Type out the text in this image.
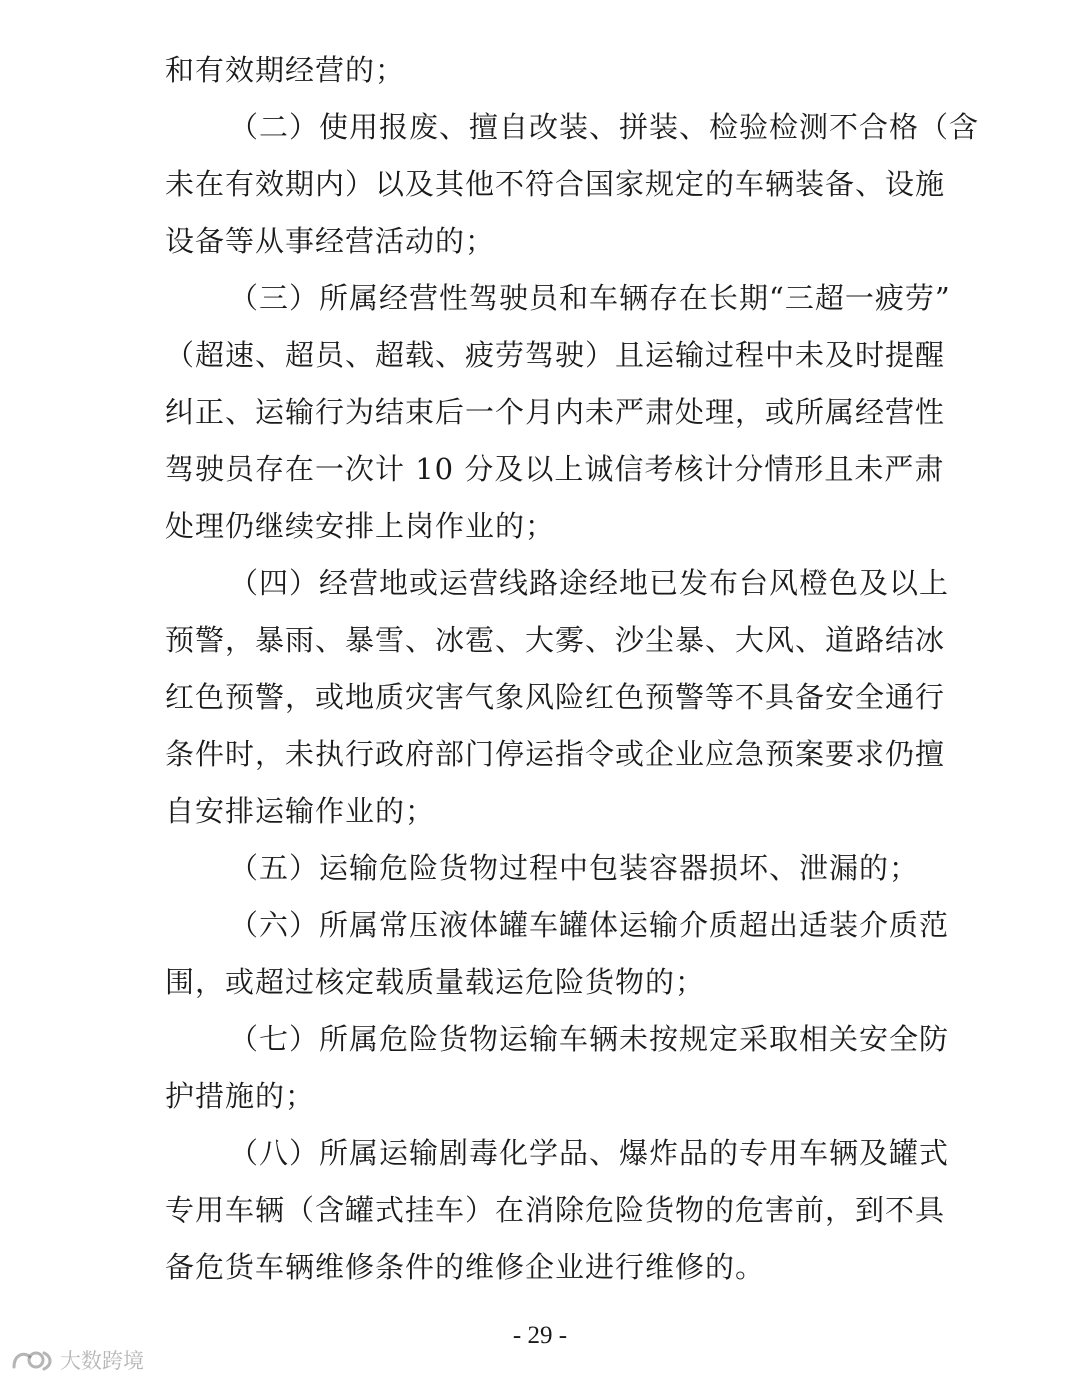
和有效期经营的；
（二）使用报废、擅自改装、拼装、检验检测不合格（含
未在有效期内）以及其他不符合国家规定的车辆装备、设施
设备等从事经营活动的；
（三）所属经营性驾驶员和车辆存在长期“三超一疲劳”
（超速、超员、超载、疲劳驾驶）且运输过程中未及时提醒
纠正、运输行为结束后一个月内未严肃处理，或所属经营性
驾驶员存在一次计 10 分及以上诚信考核计分情形且未严肃
处理仍继续安排上岗作业的；
（四）经营地或运营线路途经地已发布台风橙色及以上
预警，暴雨、暴雪、冰雹、大雾、沙尘暴、大风、道路结冰
红色预警，或地质灾害气象风险红色预警等不具备安全通行
条件时，未执行政府部门停运指令或企业应急预案要求仍擅
自安排运输作业的；
（五）运输危险货物过程中包装容器损坏、泄漏的；
（六）所属常压液体罐车罐体运输介质超出适装介质范
围，或超过核定载质量载运危险货物的；
（七）所属危险货物运输车辆未按规定采取相关安全防
护措施的；
（八）所属运输剧毒化学品、爆炸品的专用车辆及罐式
专用车辆（含罐式挂车）在消除危险货物的危害前，到不具
备危货车辆维修条件的维修企业进行维修的。
- 29 -
大数跨境
